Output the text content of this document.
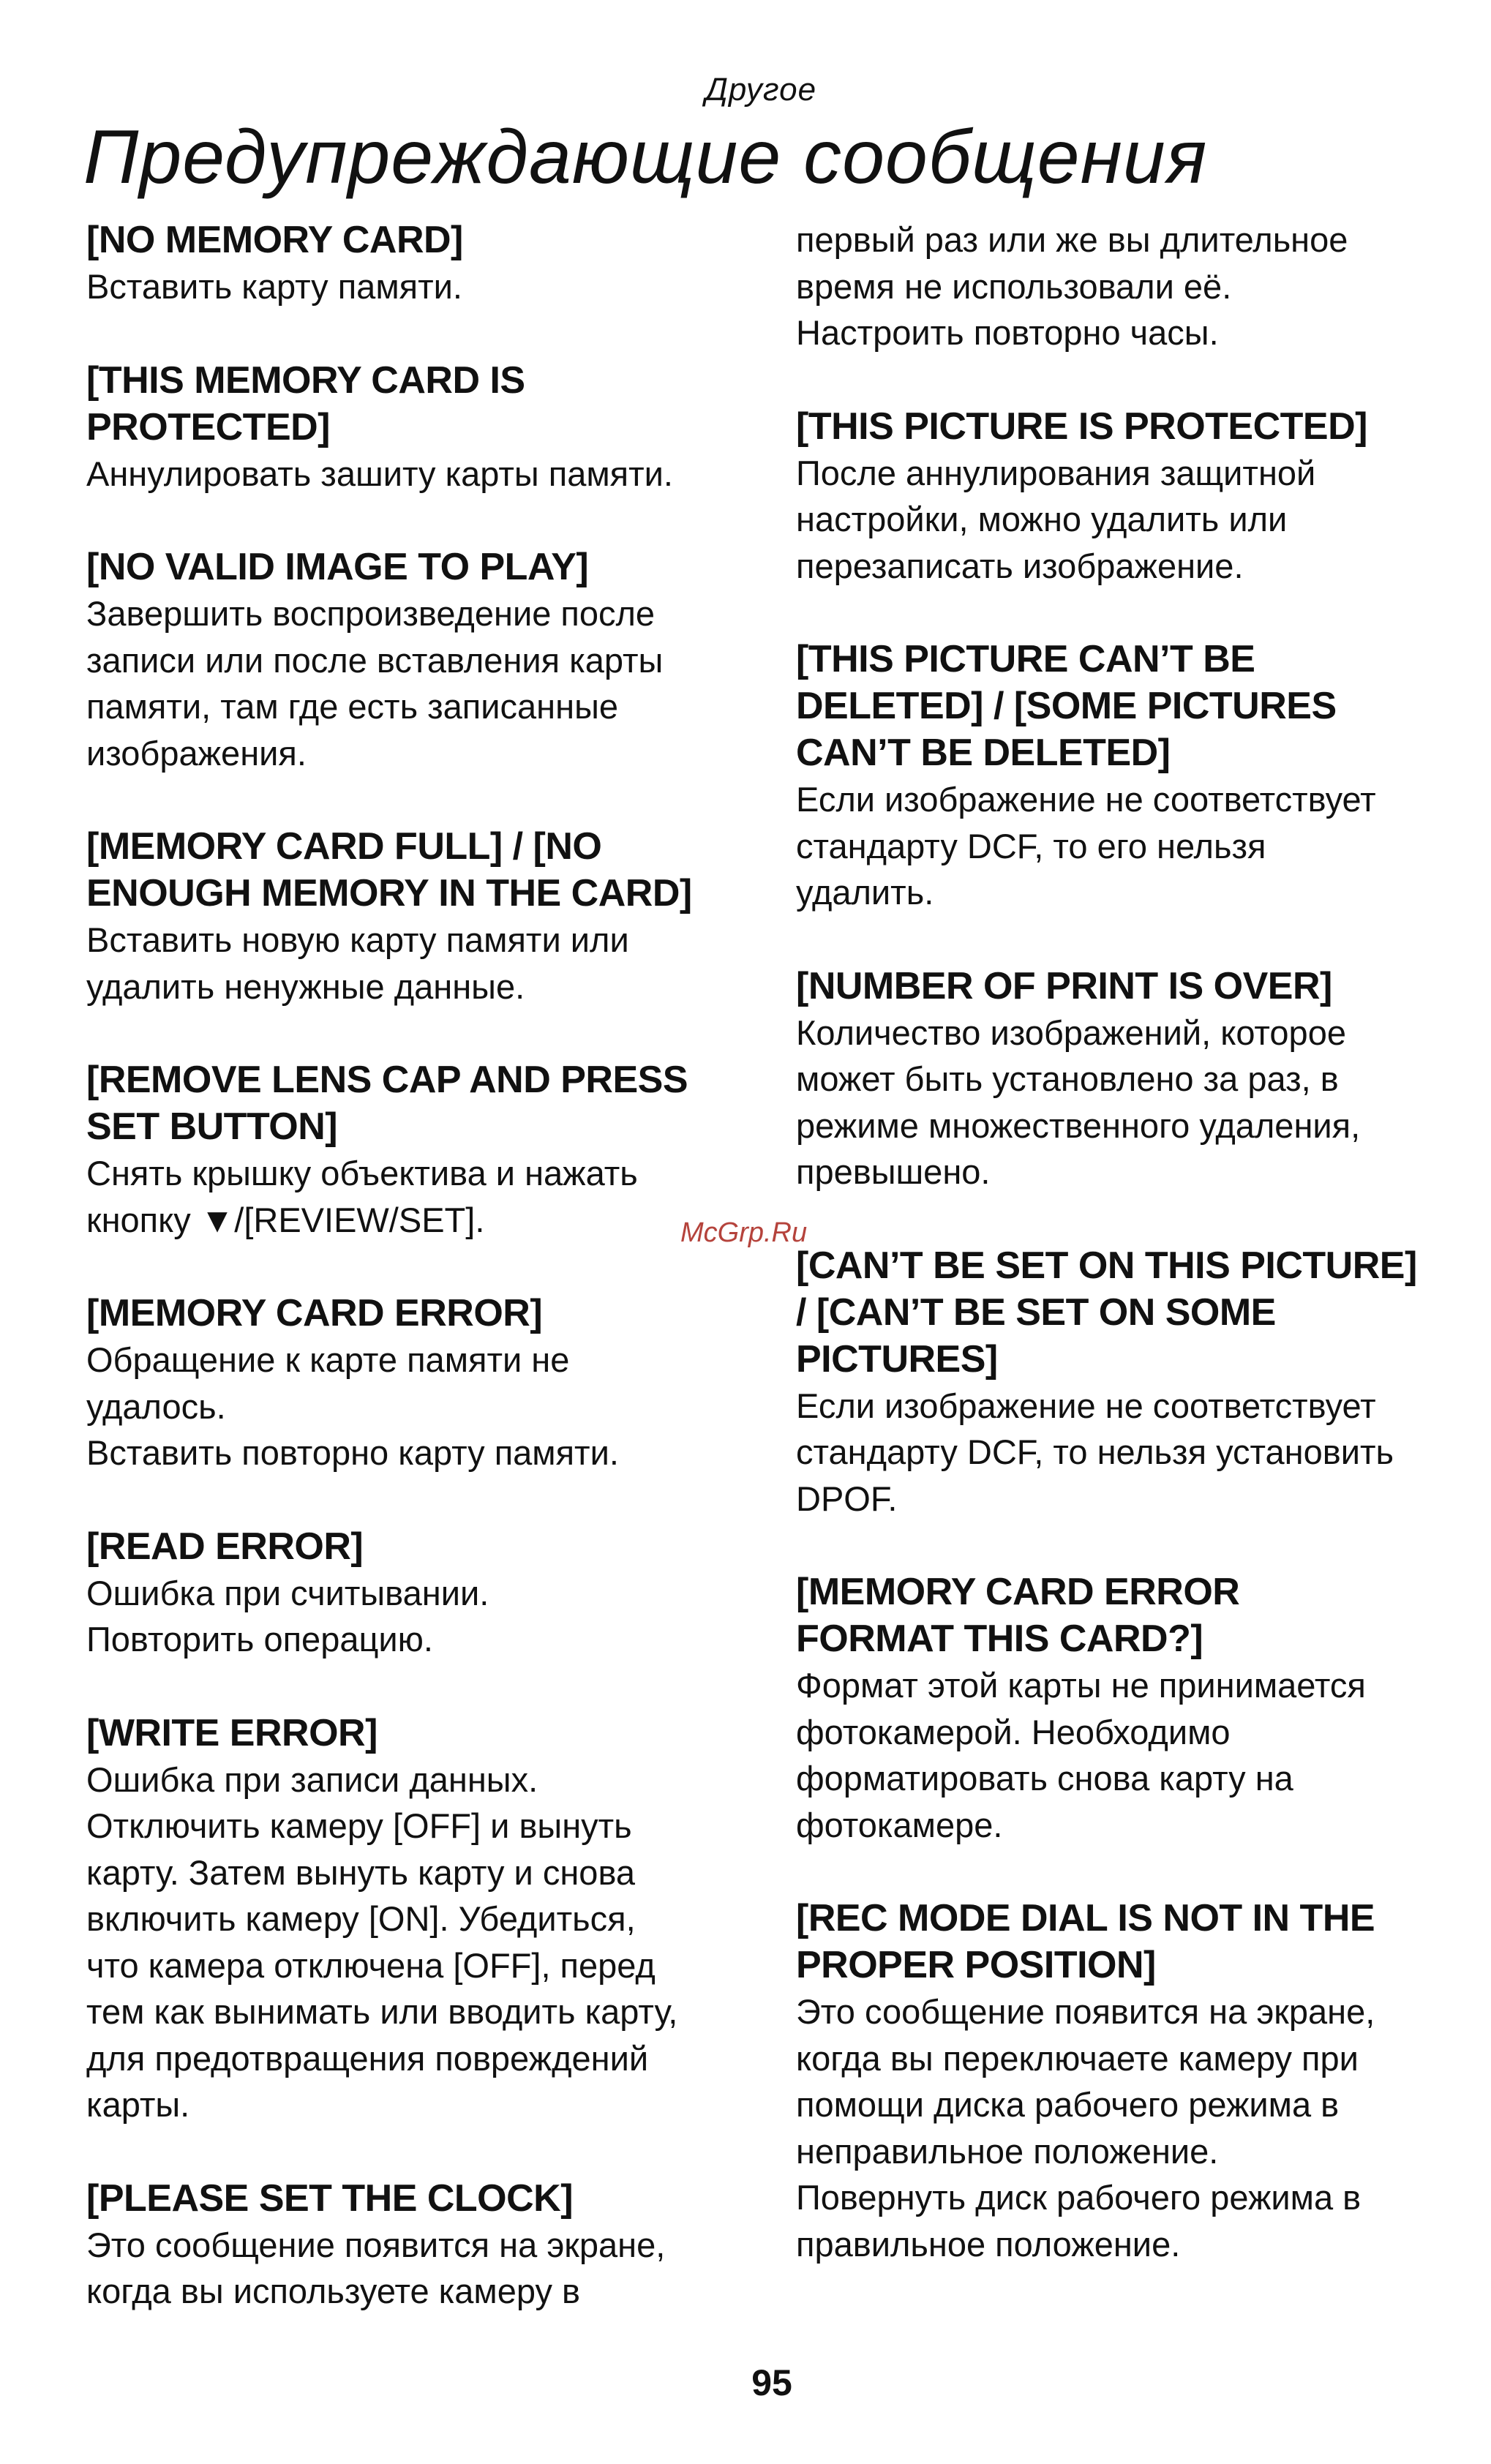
Другое
Предупреждающие сообщения
[NO MEMORY CARD]
Вставить карту памяти.
[THIS MEMORY CARD IS
PROTECTED]
Аннулировать зашиту карты памяти.
[NO VALID IMAGE TO PLAY]
Завершить воспроизведение после
записи или после вставления карты
памяти, там где есть записанные
изображения.
[MEMORY CARD FULL] / [NO
ENOUGH MEMORY IN THE CARD]
Вставить новую карту памяти или
удалить ненужные данные.
[REMOVE LENS CAP AND PRESS
SET BUTTON]
Снять крышку объектива и нажать
кнопку ▼/[REVIEW/SET].
[MEMORY CARD ERROR]
Обращение к карте памяти не
удалось.
Вставить повторно карту памяти.
[READ ERROR]
Ошибка при считывании.
Повторить операцию.
[WRITE ERROR]
Ошибка при записи данных.
Отключить камеру [OFF] и вынуть
карту. Затем вынуть карту и снова
включить камеру [ON]. Убедиться,
что камера отключена [OFF], перед
тем как вынимать или вводить карту,
для предотвращения повреждений
карты.
[PLEASE SET THE CLOCK]
Это сообщение появится на экране,
когда вы используете камеру в
первый раз или же вы длительное
время не использовали её.
Настроить повторно часы.
[THIS PICTURE IS PROTECTED]
После аннулирования защитной
настройки, можно удалить или
перезаписать изображение.
[THIS PICTURE CAN’T BE
DELETED] / [SOME PICTURES
CAN’T BE DELETED]
Если изображение не соответствует
стандарту DCF, то его нельзя
удалить.
[NUMBER OF PRINT IS OVER]
Количество изображений, которое
может быть установлено за раз, в
режиме множественного удаления,
превышено.
[CAN’T BE SET ON THIS PICTURE]
/ [CAN’T BE SET ON SOME
PICTURES]
Если изображение не соответствует
стандарту DCF, то нельзя установить
DPOF.
[MEMORY CARD ERROR
FORMAT THIS CARD?]
Формат этой карты не принимается
фотокамерой. Необходимо
форматировать снова карту на
фотокамере.
[REC MODE DIAL IS NOT IN THE
PROPER POSITION]
Это сообщение появится на экране,
когда вы переключаете камеру при
помощи диска рабочего режима в
неправильное положение.
Повернуть диск рабочего режима в
правильное положение.
McGrp.Ru
95
